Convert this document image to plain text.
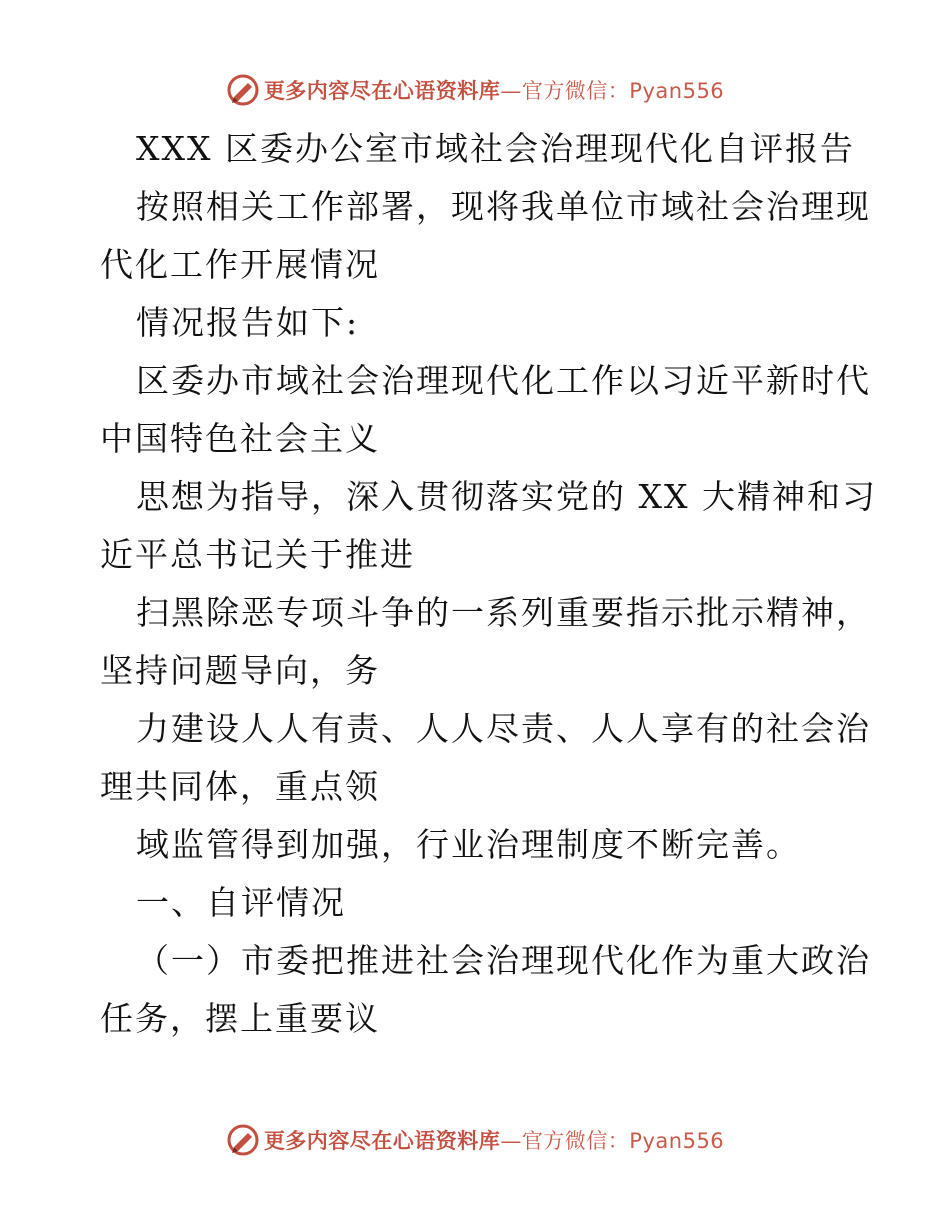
更多内容尽在心语资料库—官方微信：Pyan556
XXX 区委办公室市域社会治理现代化自评报告
按照相关工作部署，现将我单位市域社会治理现
代化工作开展情况
情况报告如下:
区委办市域社会治理现代化工作以习近平新时代
中国特色社会主义
思想为指导，深入贯彻落实党的 XX 大精神和习
近平总书记关于推进
扫黑除恶专项斗争的一系列重要指示批示精神，
坚持问题导向，务
力建设人人有责、人人尽责、人人享有的社会治
理共同体，重点领
域监管得到加强，行业治理制度不断完善。
一、自评情况
（一）市委把推进社会治理现代化作为重大政治
任务，摆上重要议
更多内容尽在心语资料库—官方微信：Pyan556
